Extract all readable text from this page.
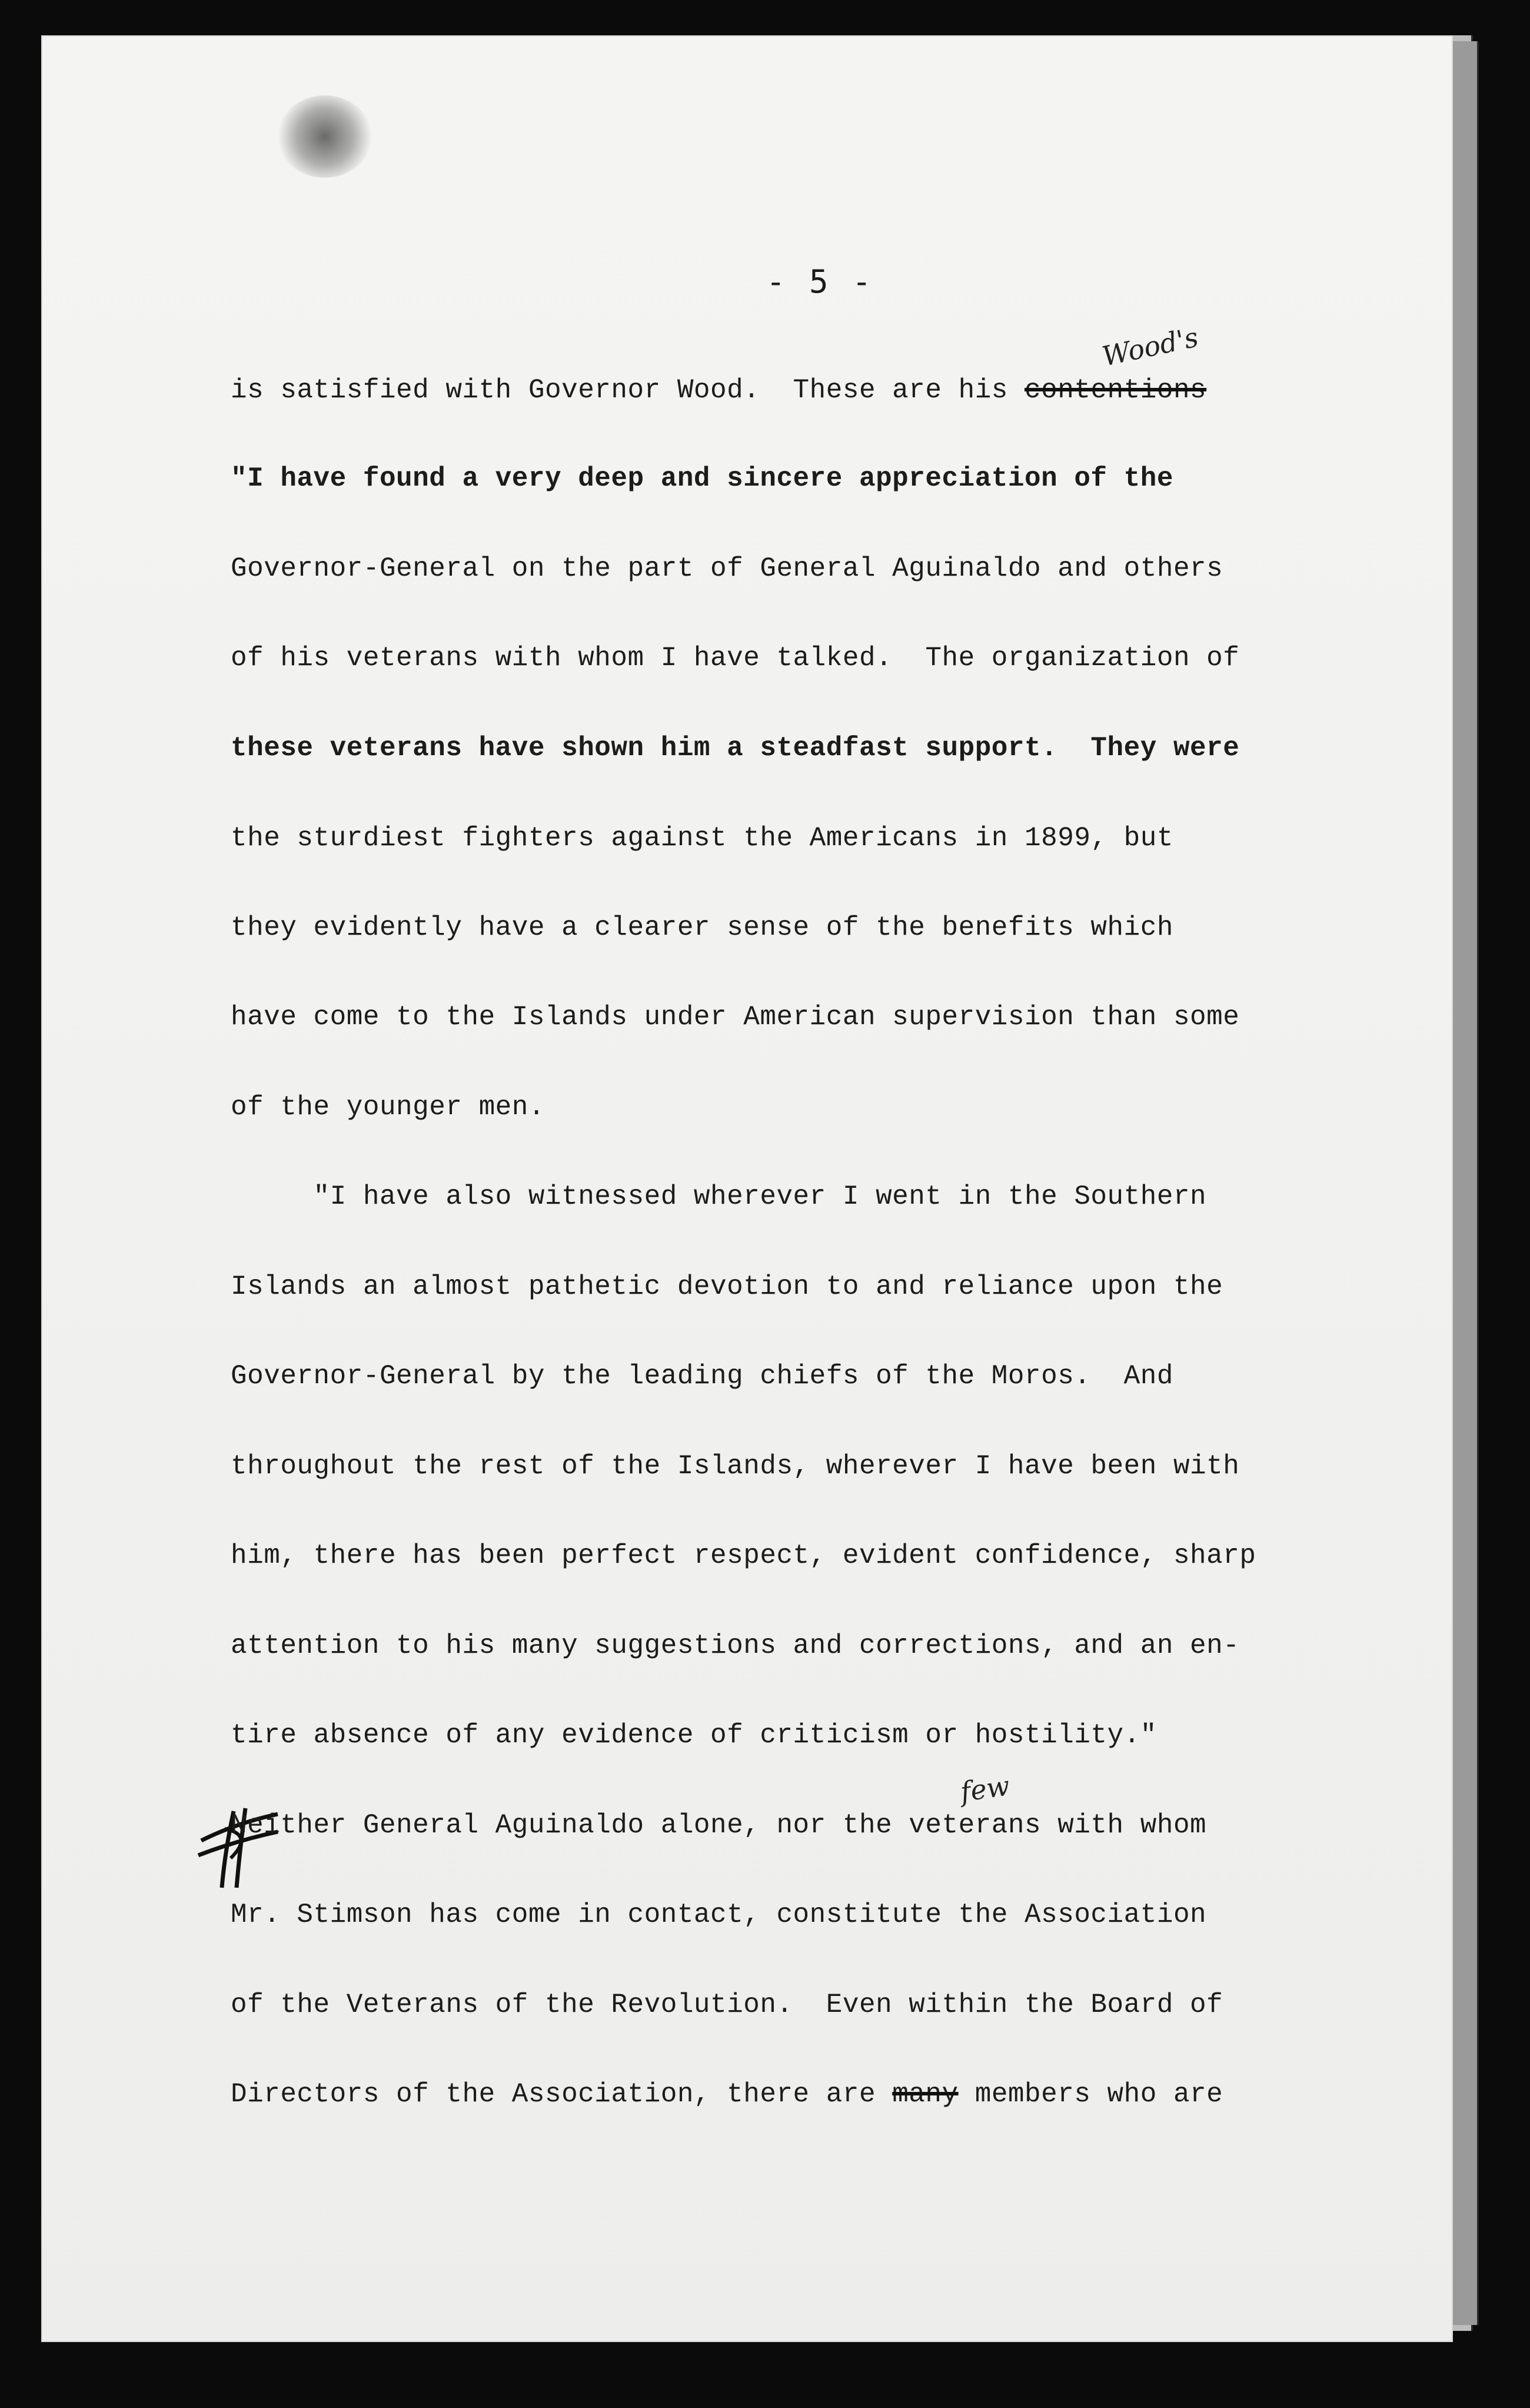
- 5 -
Wood's
is satisfied with Governor Wood.  These are his contentions
"I have found a very deep and sincere appreciation of the
Governor-General on the part of General Aguinaldo and others
of his veterans with whom I have talked.  The organization of
these veterans have shown him a steadfast support.  They were
the sturdiest fighters against the Americans in 1899, but
they evidently have a clearer sense of the benefits which
have come to the Islands under American supervision than some
of the younger men.
"I have also witnessed wherever I went in the Southern
Islands an almost pathetic devotion to and reliance upon the
Governor-General by the leading chiefs of the Moros.  And
throughout the rest of the Islands, wherever I have been with
him, there has been perfect respect, evident confidence, sharp
attention to his many suggestions and corrections, and an en-
tire absence of any evidence of criticism or hostility."
few
Neither General Aguinaldo alone, nor the veterans with whom
Mr. Stimson has come in contact, constitute the Association
of the Veterans of the Revolution.  Even within the Board of
Directors of the Association, there are many members who are
